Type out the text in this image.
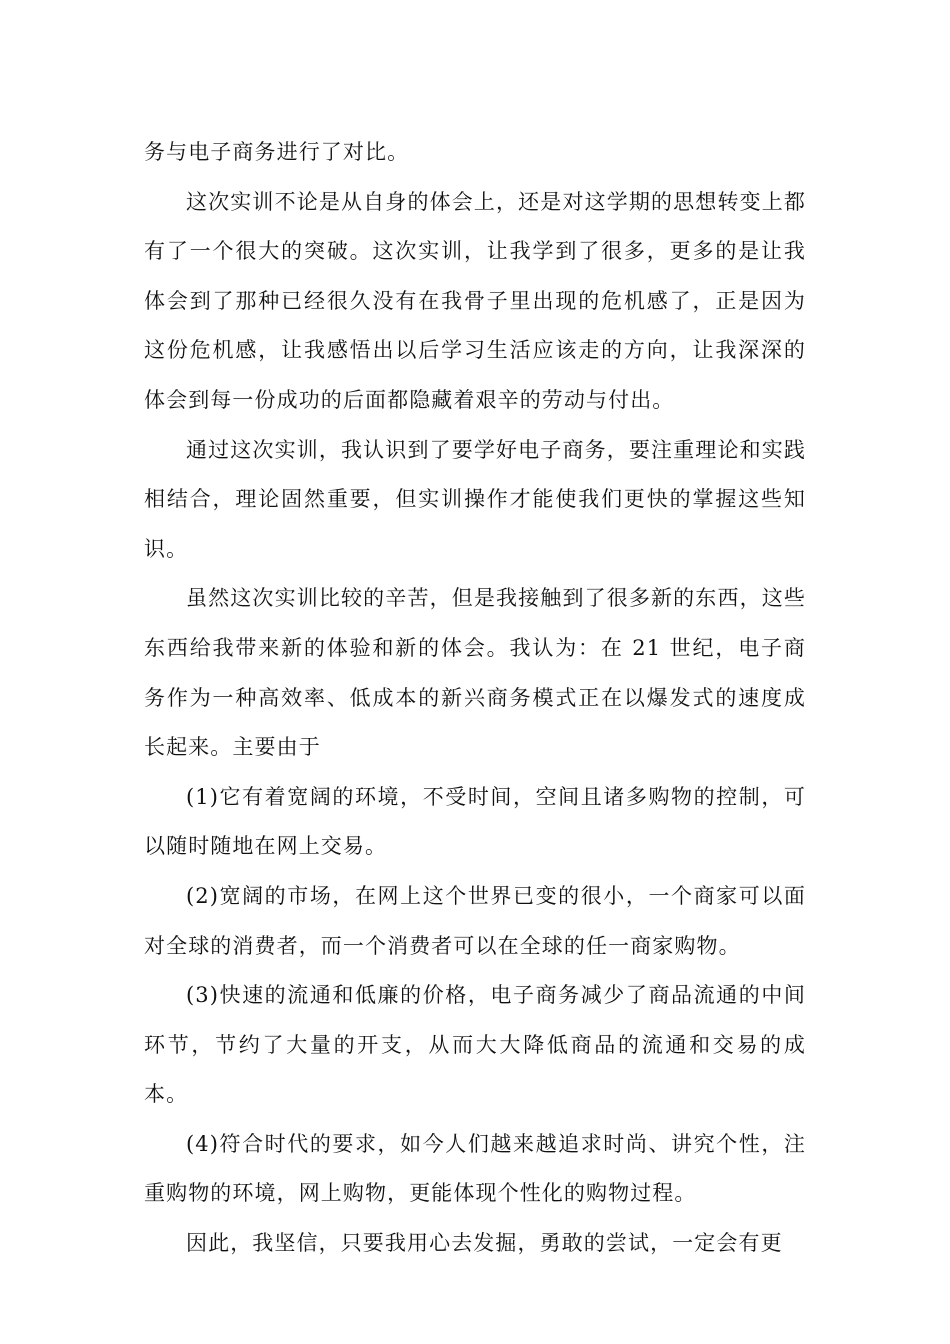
务与电子商务进行了对比。

这次实训不论是从自身的体会上，还是对这学期的思想转变上都有了一个很大的突破。这次实训，让我学到了很多，更多的是让我体会到了那种已经很久没有在我骨子里出现的危机感了，正是因为这份危机感，让我感悟出以后学习生活应该走的方向，让我深深的体会到每一份成功的后面都隐藏着艰辛的劳动与付出。

通过这次实训，我认识到了要学好电子商务，要注重理论和实践相结合，理论固然重要，但实训操作才能使我们更快的掌握这些知识。

虽然这次实训比较的辛苦，但是我接触到了很多新的东西，这些东西给我带来新的体验和新的体会。我认为：在 21 世纪，电子商务作为一种高效率、低成本的新兴商务模式正在以爆发式的速度成长起来。主要由于

(1)它有着宽阔的环境，不受时间，空间且诸多购物的控制，可以随时随地在网上交易。

(2)宽阔的市场，在网上这个世界已变的很小，一个商家可以面对全球的消费者，而一个消费者可以在全球的任一商家购物。

(3)快速的流通和低廉的价格，电子商务减少了商品流通的中间环节，节约了大量的开支，从而大大降低商品的流通和交易的成本。

(4)符合时代的要求，如今人们越来越追求时尚、讲究个性，注重购物的环境，网上购物，更能体现个性化的购物过程。

因此，我坚信，只要我用心去发掘，勇敢的尝试，一定会有更
